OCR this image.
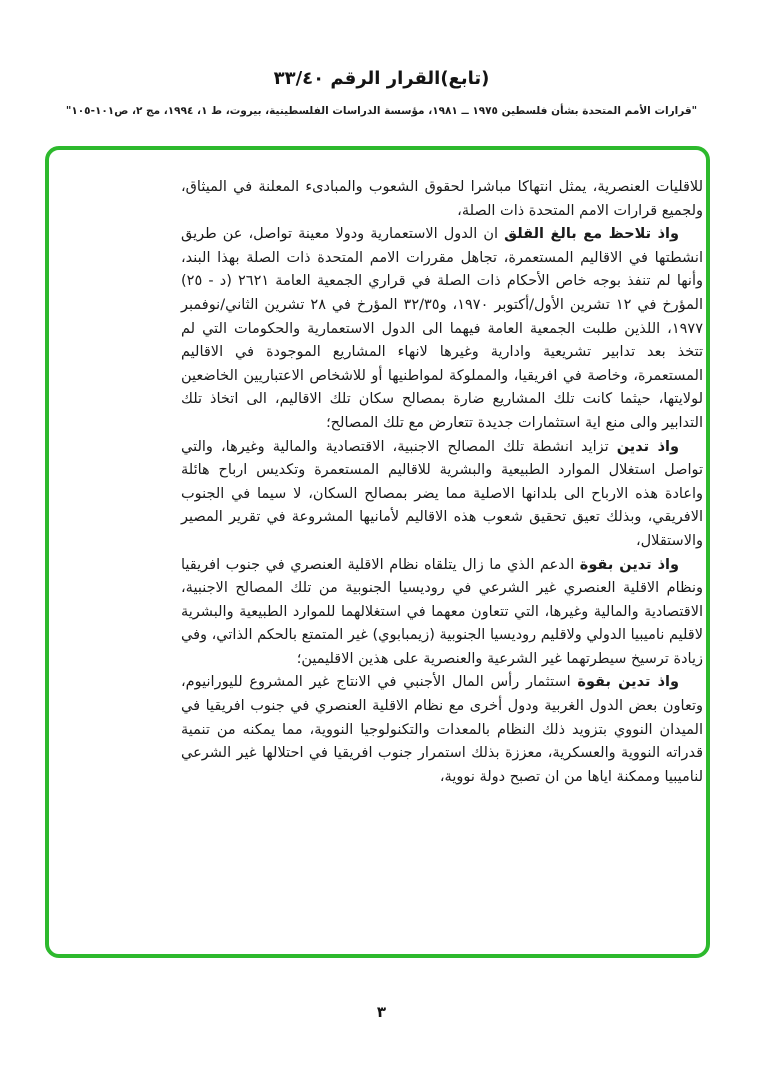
(تابع)القرار الرقم ٣٣/٤٠
"قرارات الأمم المتحدة بشأن فلسطين ١٩٧٥ ــ ١٩٨١، مؤسسة الدراسات الفلسطينية، بيروت، ط ١، ١٩٩٤، مج ٢، ص١٠١-١٠٥"

للاقليات العنصرية، يمثل انتهاكا مباشرا لحقوق الشعوب والمبادىء المعلنة في الميثاق، ولجميع قرارات الامم المتحدة ذات الصلة،

واذ تلاحظ مع بالغ القلق ان الدول الاستعمارية ودولا معينة تواصل، عن طريق انشطتها في الاقاليم المستعمرة، تجاهل مقررات الامم المتحدة ذات الصلة بهذا البند، وأنها لم تنفذ بوجه خاص الأحكام ذات الصلة في قراري الجمعية العامة ٢٦٢١ (د - ٢٥) المؤرخ في ١٢ تشرين الأول/أكتوبر ١٩٧٠، و٣٢/٣٥ المؤرخ في ٢٨ تشرين الثاني/نوفمبر ١٩٧٧، اللذين طلبت الجمعية العامة فيهما الى الدول الاستعمارية والحكومات التي لم تتخذ بعد تدابير تشريعية وادارية وغيرها لانهاء المشاريع الموجودة في الاقاليم المستعمرة، وخاصة في افريقيا، والمملوكة لمواطنيها أو للاشخاص الاعتباريين الخاضعين لولايتها، حيثما كانت تلك المشاريع ضارة بمصالح سكان تلك الاقاليم، الى اتخاذ تلك التدابير والى منع اية استثمارات جديدة تتعارض مع تلك المصالح؛

واذ تدين تزايد انشطة تلك المصالح الاجنبية، الاقتصادية والمالية وغيرها، والتي تواصل استغلال الموارد الطبيعية والبشرية للاقاليم المستعمرة وتكديس ارباح هائلة واعادة هذه الارباح الى بلدانها الاصلية مما يضر بمصالح السكان، لا سيما في الجنوب الافريقي، وبذلك تعيق تحقيق شعوب هذه الاقاليم لأمانيها المشروعة في تقرير المصير والاستقلال،

واذ تدين بقوة الدعم الذي ما زال يتلقاه نظام الاقلية العنصري في جنوب افريقيا ونظام الاقلية العنصري غير الشرعي في روديسيا الجنوبية من تلك المصالح الاجنبية، الاقتصادية والمالية وغيرها، التي تتعاون معهما في استغلالهما للموارد الطبيعية والبشرية لاقليم ناميبيا الدولي ولاقليم روديسيا الجنوبية (زيمبابوي) غير المتمتع بالحكم الذاتي، وفي زيادة ترسيخ سيطرتهما غير الشرعية والعنصرية على هذين الاقليمين؛

واذ تدين بقوة استثمار رأس المال الأجنبي في الانتاج غير المشروع لليورانيوم، وتعاون بعض الدول الغربية ودول أخرى مع نظام الاقلية العنصري في جنوب افريقيا في الميدان النووي بتزويد ذلك النظام بالمعدات والتكنولوجيا النووية، مما يمكنه من تنمية قدراته النووية والعسكرية، معززة بذلك استمرار جنوب افريقيا في احتلالها غير الشرعي لناميبيا وممكنة اياها من ان تصبح دولة نووية،

٣
